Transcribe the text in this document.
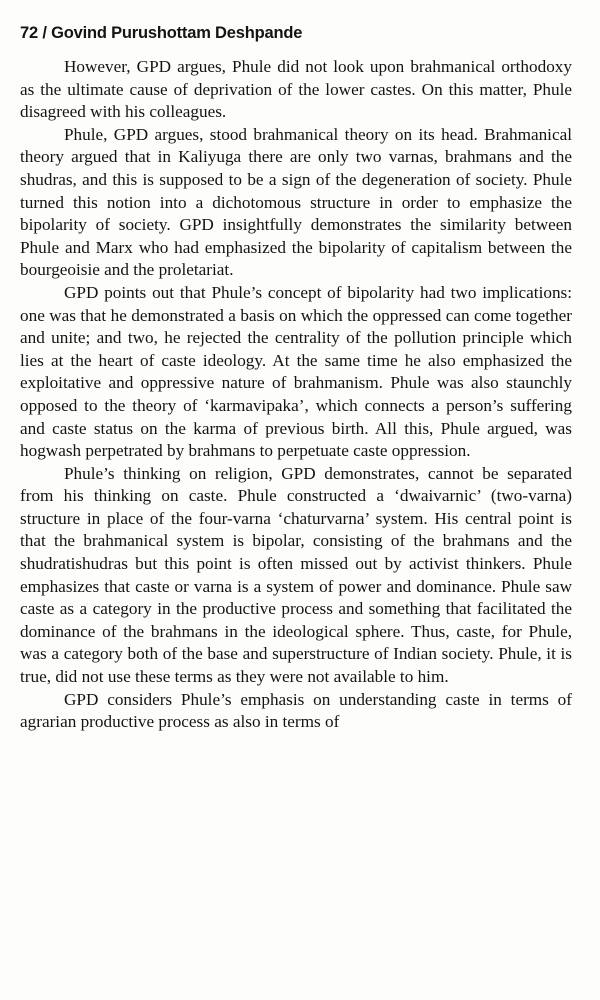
72 / Govind Purushottam Deshpande

However, GPD argues, Phule did not look upon brahmanical orthodoxy as the ultimate cause of deprivation of the lower castes. On this matter, Phule disagreed with his colleagues.

Phule, GPD argues, stood brahmanical theory on its head. Brahmanical theory argued that in Kaliyuga there are only two varnas, brahmans and the shudras, and this is supposed to be a sign of the degeneration of society. Phule turned this notion into a dichotomous structure in order to emphasize the bipolarity of society. GPD insightfully demonstrates the similarity between Phule and Marx who had emphasized the bipolarity of capitalism between the bourgeoisie and the proletariat.

GPD points out that Phule’s concept of bipolarity had two implications: one was that he demonstrated a basis on which the oppressed can come together and unite; and two, he rejected the centrality of the pollution principle which lies at the heart of caste ideology. At the same time he also emphasized the exploitative and oppressive nature of brahmanism. Phule was also staunchly opposed to the theory of ‘karmavipaka’, which connects a person’s suffering and caste status on the karma of previous birth. All this, Phule argued, was hogwash perpetrated by brahmans to perpetuate caste oppression.

Phule’s thinking on religion, GPD demonstrates, cannot be separated from his thinking on caste. Phule constructed a ‘dwaivarnic’ (two-varna) structure in place of the four-varna ‘chaturvarna’ system. His central point is that the brahmanical system is bipolar, consisting of the brahmans and the shudratishudras but this point is often missed out by activist thinkers. Phule emphasizes that caste or varna is a system of power and dominance. Phule saw caste as a category in the productive process and something that facilitated the dominance of the brahmans in the ideological sphere. Thus, caste, for Phule, was a category both of the base and superstructure of Indian society. Phule, it is true, did not use these terms as they were not available to him.

GPD considers Phule’s emphasis on understanding caste in terms of agrarian productive process as also in terms of
